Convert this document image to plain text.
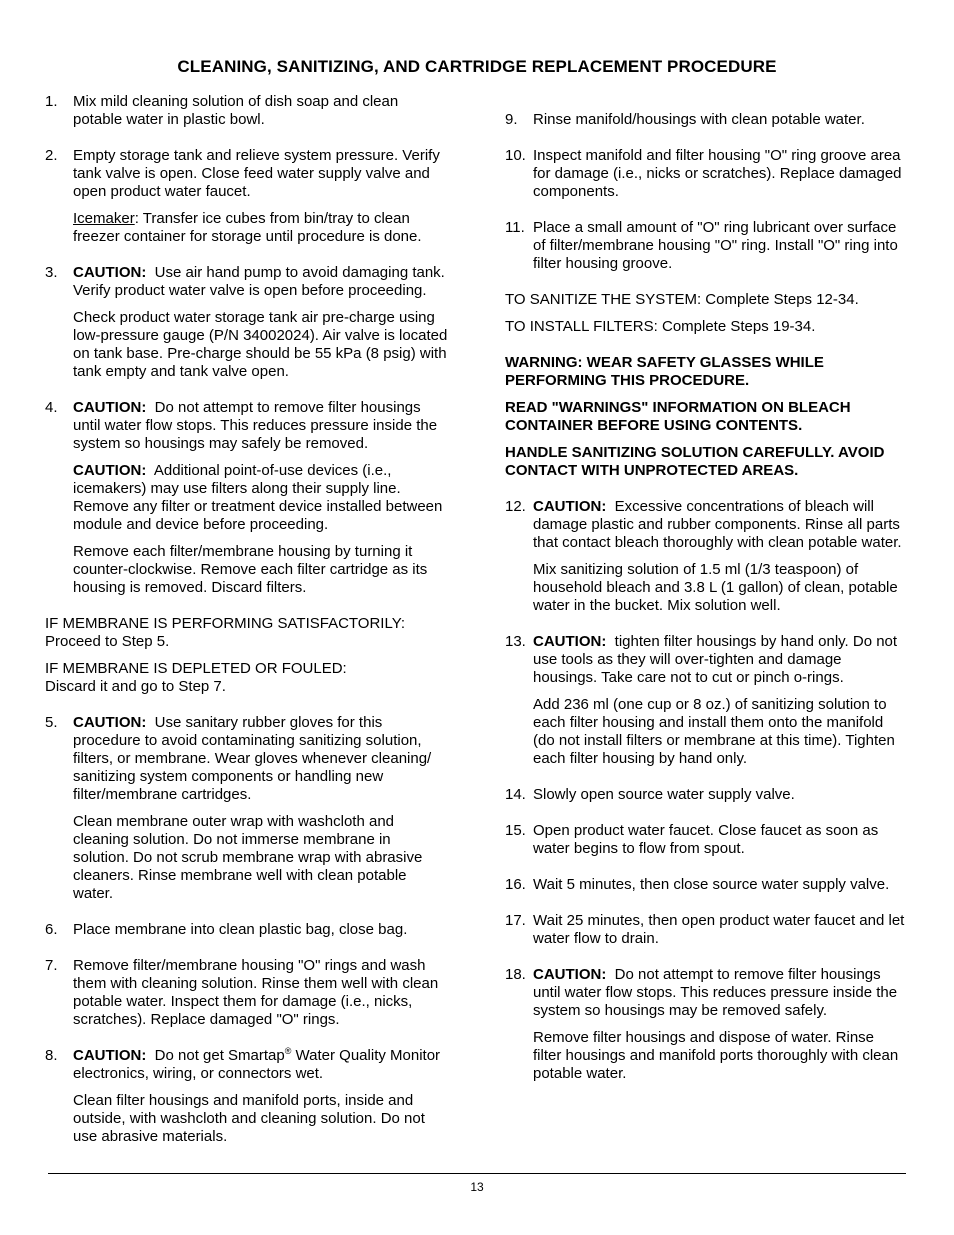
CLEANING, SANITIZING, AND CARTRIDGE REPLACEMENT PROCEDURE
1. Mix mild cleaning solution of dish soap and clean potable water in plastic bowl.

2. Empty storage tank and relieve system pressure. Verify tank valve is open. Close feed water supply valve and open product water faucet.

Icemaker: Transfer ice cubes from bin/tray to clean freezer container for storage until procedure is done.

3. CAUTION: Use air hand pump to avoid damaging tank. Verify product water valve is open before proceeding.

Check product water storage tank air pre-charge using low-pressure gauge (P/N 34002024). Air valve is located on tank base. Pre-charge should be 55 kPa (8 psig) with tank empty and tank valve open.

4. CAUTION: Do not attempt to remove filter housings until water flow stops. This reduces pressure inside the system so housings may safely be removed.

CAUTION: Additional point-of-use devices (i.e., icemakers) may use filters along their supply line. Remove any filter or treatment device installed between module and device before proceeding.

Remove each filter/membrane housing by turning it counter-clockwise. Remove each filter cartridge as its housing is removed. Discard filters.

IF MEMBRANE IS PERFORMING SATISFACTORILY:
Proceed to Step 5.
IF MEMBRANE IS DEPLETED OR FOULED:
Discard it and go to Step 7.
5. CAUTION: Use sanitary rubber gloves for this procedure to avoid contaminating sanitizing solution, filters, or membrane. Wear gloves whenever cleaning/ sanitizing system components or handling new filter/membrane cartridges.

Clean membrane outer wrap with washcloth and cleaning solution. Do not immerse membrane in solution. Do not scrub membrane wrap with abrasive cleaners. Rinse membrane well with clean potable water.

6. Place membrane into clean plastic bag, close bag.

7. Remove filter/membrane housing "O" rings and wash them with cleaning solution. Rinse them well with clean potable water. Inspect them for damage (i.e., nicks, scratches). Replace damaged "O" rings.

8. CAUTION: Do not get Smartap® Water Quality Monitor electronics, wiring, or connectors wet.

Clean filter housings and manifold ports, inside and outside, with washcloth and cleaning solution. Do not use abrasive materials.

9. Rinse manifold/housings with clean potable water.

10. Inspect manifold and filter housing "O" ring groove area for damage (i.e., nicks or scratches). Replace damaged components.

11. Place a small amount of "O" ring lubricant over surface of filter/membrane housing "O" ring. Install "O" ring into filter housing groove.

TO SANITIZE THE SYSTEM: Complete Steps 12-34.

TO INSTALL FILTERS: Complete Steps 19-34.

WARNING: WEAR SAFETY GLASSES WHILE PERFORMING THIS PROCEDURE.

READ "WARNINGS" INFORMATION ON BLEACH CONTAINER BEFORE USING CONTENTS.

HANDLE SANITIZING SOLUTION CAREFULLY. AVOID CONTACT WITH UNPROTECTED AREAS.

12. CAUTION: Excessive concentrations of bleach will damage plastic and rubber components. Rinse all parts that contact bleach thoroughly with clean potable water.

Mix sanitizing solution of 1.5 ml (1/3 teaspoon) of household bleach and 3.8 L (1 gallon) of clean, potable water in the bucket. Mix solution well.

13. CAUTION: tighten filter housings by hand only. Do not use tools as they will over-tighten and damage housings. Take care not to cut or pinch o-rings.

Add 236 ml (one cup or 8 oz.) of sanitizing solution to each filter housing and install them onto the manifold (do not install filters or membrane at this time). Tighten each filter housing by hand only.

14. Slowly open source water supply valve.

15. Open product water faucet. Close faucet as soon as water begins to flow from spout.

16. Wait 5 minutes, then close source water supply valve.

17. Wait 25 minutes, then open product water faucet and let water flow to drain.

18. CAUTION: Do not attempt to remove filter housings until water flow stops. This reduces pressure inside the system so housings may be removed safely.

Remove filter housings and dispose of water. Rinse filter housings and manifold ports thoroughly with clean potable water.

13
